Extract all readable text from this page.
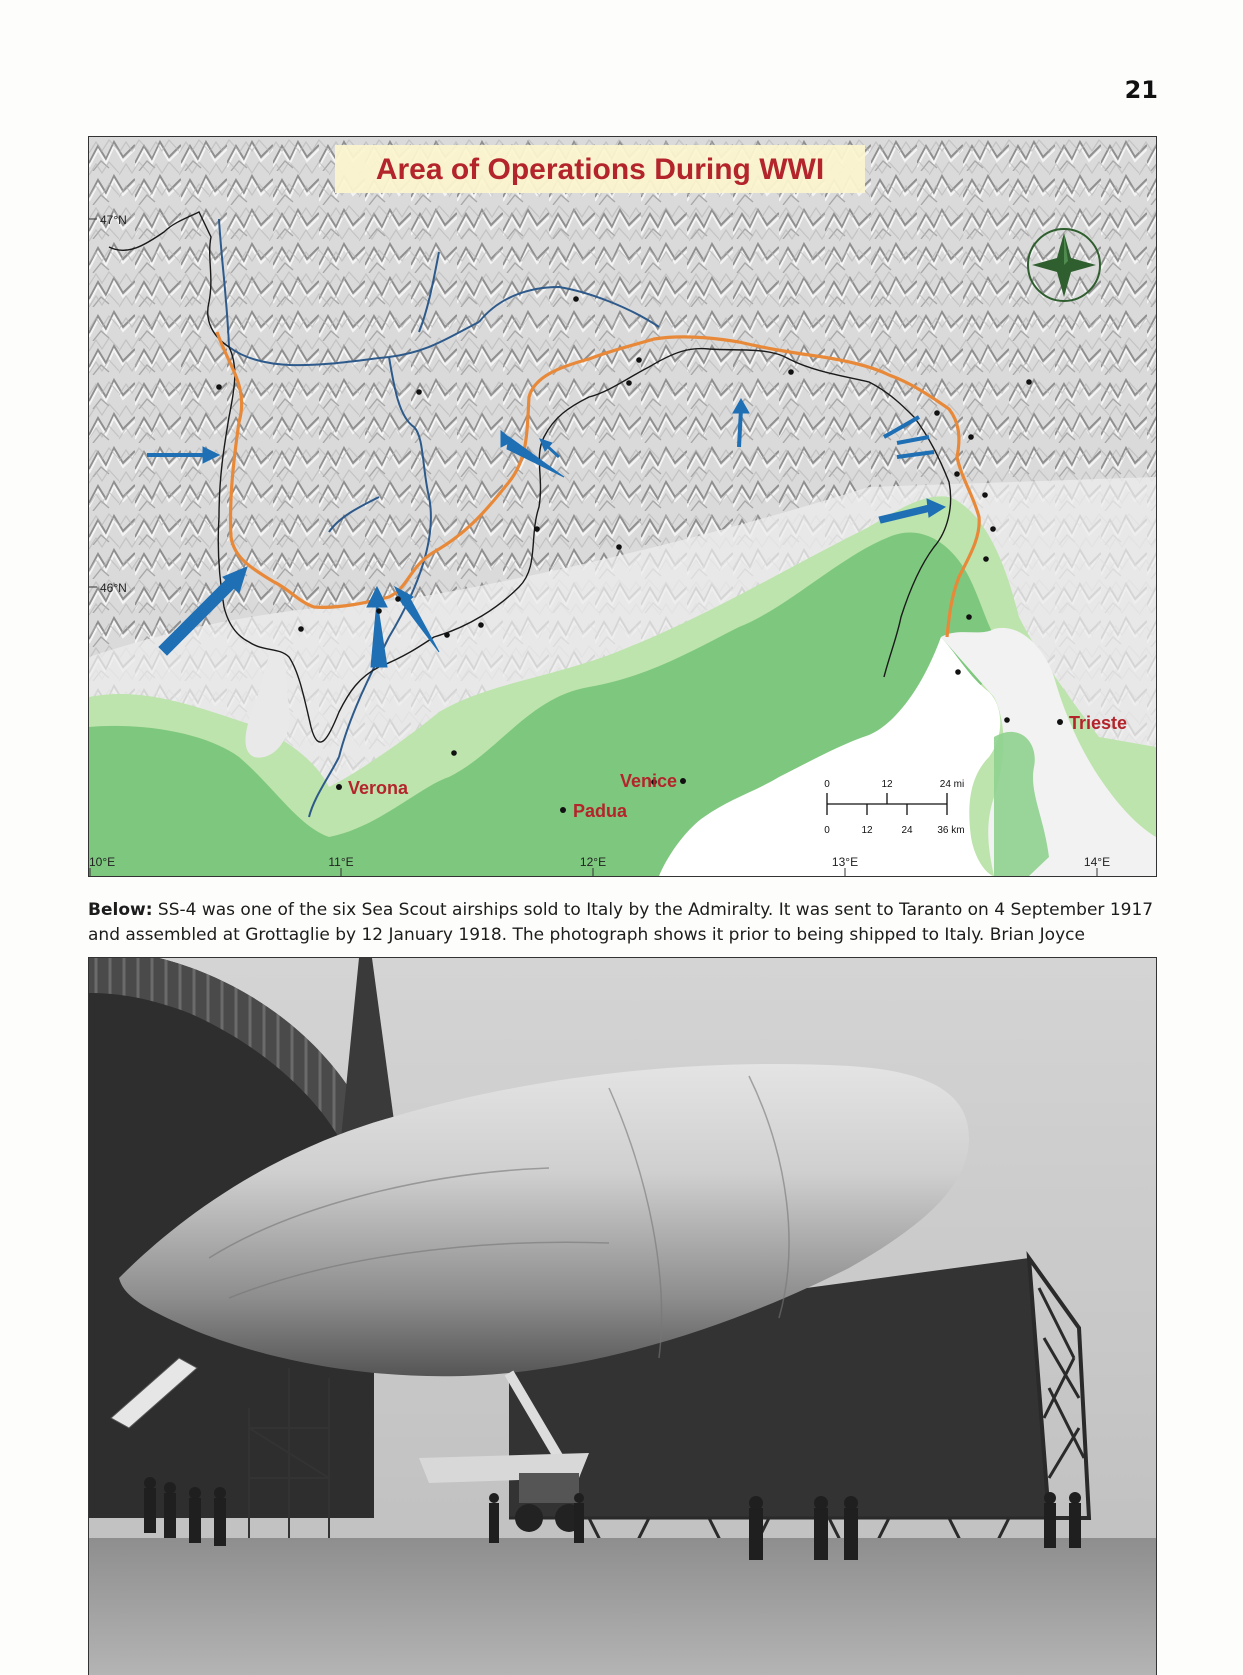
21
Area of Operations During WWI
47°N
46°N
10°E	11°E	12°E	13°E	14°E
Verona
Padua
Venice
Trieste
0	12	24 mi
0	12	24 36 km
Below: SS-4 was one of the six Sea Scout airships sold to Italy by the Admiralty. It was sent to Taranto on 4 September 1917 and assembled at Grottaglie by 12 January 1918. The photograph shows it prior to being shipped to Italy. Brian Joyce
